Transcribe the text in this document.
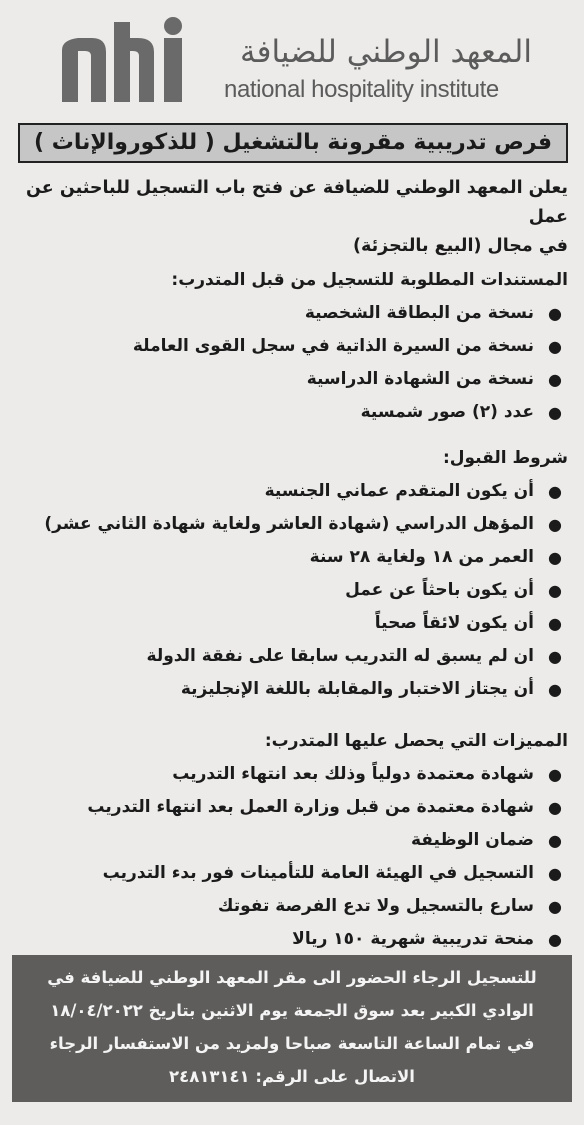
nhi
المعهد الوطني للضيافة
national hospitality institute
فرص تدريبية مقرونة بالتشغيل ( للذكوروالإناث )

يعلن المعهد الوطني للضيافة عن فتح باب التسجيل للباحثين عن عمل
في مجال (البيع بالتجزئة)

المستندات المطلوبة للتسجيل من قبل المتدرب:
●
نسخة من البطاقة الشخصية
●
نسخة من السيرة الذاتية في سجل القوى العاملة
●
نسخة من الشهادة الدراسية
●
عدد (٢) صور شمسية
شروط القبول:
●
أن يكون المتقدم عماني الجنسية
●
المؤهل الدراسي (شهادة العاشر ولغاية شهادة الثاني عشر)
●
العمر من ١٨ ولغاية ٢٨ سنة
●
أن يكون باحثاً عن عمل
●
أن يكون لائقاً صحياً
●
ان لم يسبق له التدريب سابقا على نفقة الدولة
●
أن يجتاز الاختبار والمقابلة باللغة الإنجليزية
المميزات التي يحصل عليها المتدرب:
●
شهادة معتمدة دولياً وذلك بعد انتهاء التدريب
●
شهادة معتمدة من قبل وزارة العمل بعد انتهاء التدريب
●
ضمان الوظيفة
●
التسجيل في الهيئة العامة للتأمينات فور بدء التدريب
●
سارع بالتسجيل ولا تدع الفرصة تفوتك
●
منحة تدريبية شهرية ١٥٠ ريالا

للتسجيل الرجاء الحضور الى مقر المعهد الوطني للضيافة في

الوادي الكبير بعد سوق الجمعة يوم الاثنين بتاريخ ١٨/٠٤/٢٠٢٢

في تمام الساعة التاسعة صباحا ولمزيد من الاستفسار الرجاء

الاتصال على الرقم: ٢٤٨١٣١٤١
